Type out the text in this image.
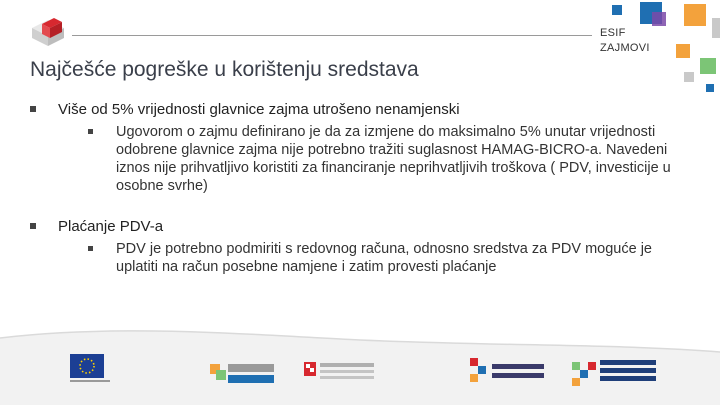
ESIF
ZAJMOVI
Najčešće pogreške u korištenju sredstava
Više od 5% vrijednosti glavnice zajma utrošeno nenamjenski
Ugovorom o zajmu definirano je da za izmjene do maksimalno 5% unutar vrijednosti odobrene glavnice zajma nije potrebno tražiti suglasnost HAMAG-BICRO-a. Navedeni iznos nije prihvatljivo koristiti za financiranje neprihvatljivih troškova ( PDV, investicije u osobne svrhe)
Plaćanje PDV-a
PDV je potrebno podmiriti s redovnog računa, odnosno sredstva za PDV moguće je uplatiti na račun posebne namjene i zatim provesti plaćanje
